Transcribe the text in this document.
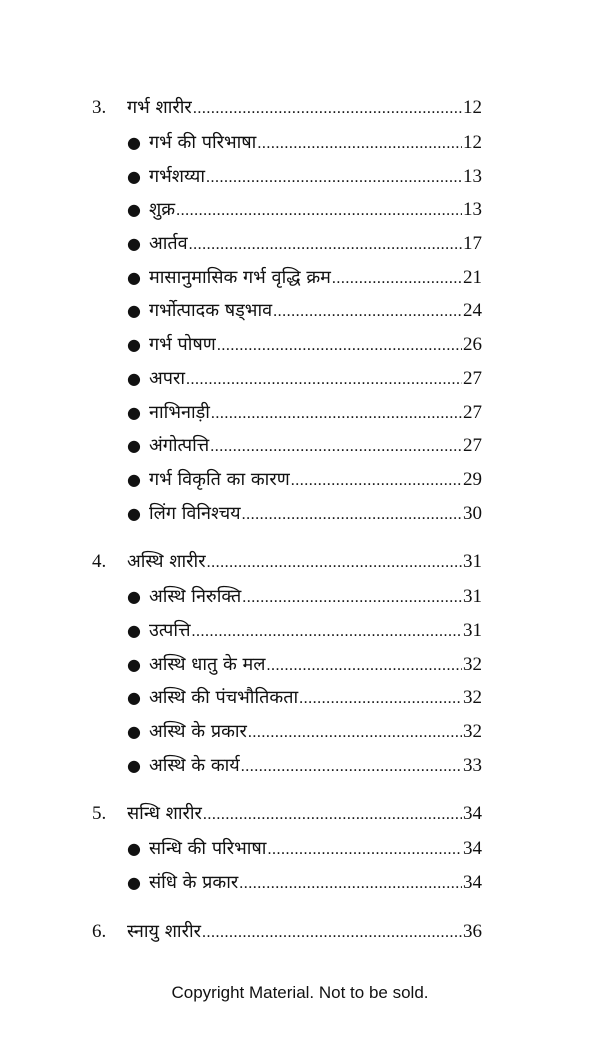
3.	गर्भ शारीर .....	12
● गर्भ की परिभाषा .....	12
● गर्भशय्या .....	13
● शुक्र .....	13
● आर्तव .....	17
● मासानुमासिक गर्भ वृद्धि क्रम .....	21
● गर्भोत्पादक षड्भाव .....	24
● गर्भ पोषण .....	26
● अपरा .....	27
● नाभिनाड़ी .....	27
● अंगोत्पत्ति .....	27
● गर्भ विकृति का कारण .....	29
● लिंग विनिश्चय .....	30
4.	अस्थि शारीर .....	31
● अस्थि निरुक्ति .....	31
● उत्पत्ति .....	31
● अस्थि धातु के मल .....	32
● अस्थि की पंचभौतिकता .....	32
● अस्थि के प्रकार .....	32
● अस्थि के कार्य .....	33
5.	सन्धि शारीर .....	34
● सन्धि की परिभाषा .....	34
● संधि के प्रकार .....	34
6.	स्नायु शारीर .....	36
Copyright Material. Not to be sold.
